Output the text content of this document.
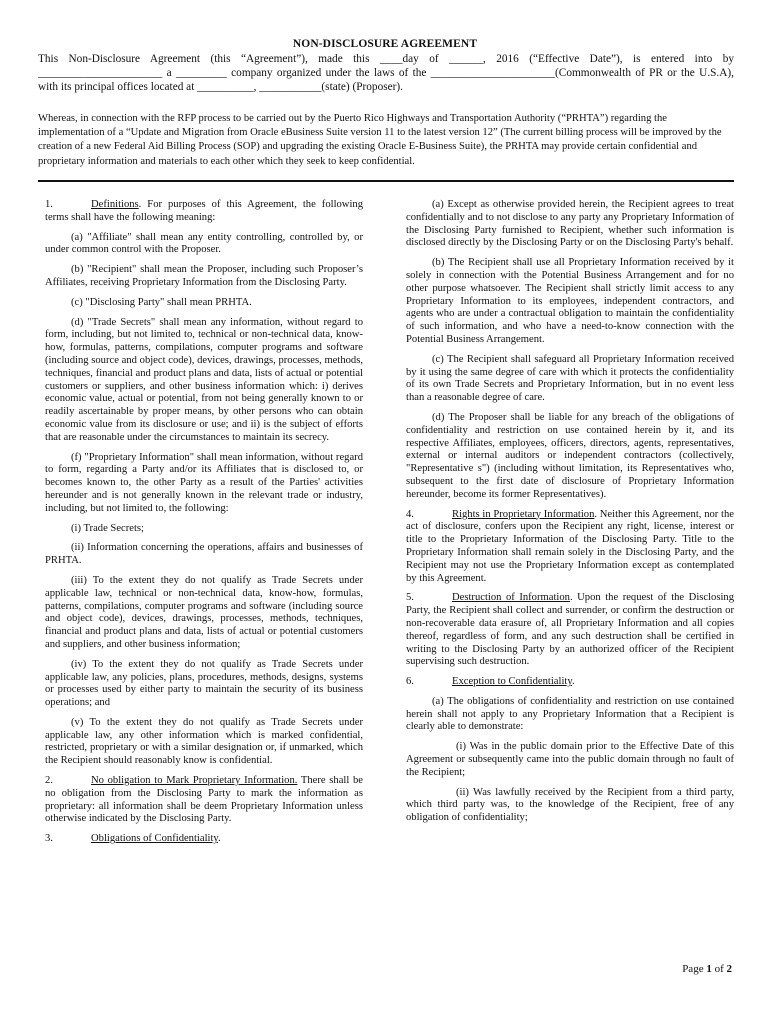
NON-DISCLOSURE AGREEMENT

This Non-Disclosure Agreement (this “Agreement”), made this ____day of ______, 2016 (“Effective Date”), is entered into by ______________________ a _________ company organized under the laws of the ______________________(Commonwealth of PR or the U.S.A), with its principal offices located at __________, ___________(state) (Proposer).

Whereas, in connection with the RFP process to be carried out by the Puerto Rico Highways and Transportation Authority (“PRHTA”) regarding the implementation of a “Update and Migration from Oracle eBusiness Suite version 11 to the latest version 12” (The current billing process will be improved by the creation of a new Federal Aid Billing Process (SOP) and upgrading the existing Oracle E-Business Suite), the PRHTA may provide certain confidential and proprietary information and materials to each other which they seek to keep confidential.

1.	Definitions. For purposes of this Agreement, the following terms shall have the following meaning:

(a) "Affiliate" shall mean any entity controlling, controlled by, or under common control with the Proposer.

(b) "Recipient" shall mean the Proposer, including such Proposer’s Affiliates, receiving Proprietary Information from the Disclosing Party.

(c) "Disclosing Party" shall mean PRHTA.

(d) "Trade Secrets" shall mean any information, without regard to form, including, but not limited to, technical or non-technical data, know-how, formulas, patterns, compilations, computer programs and software (including source and object code), devices, drawings, processes, methods, techniques, financial and product plans and data, lists of actual or potential customers or suppliers, and other business information which: i) derives economic value, actual or potential, from not being generally known to or readily ascertainable by proper means, by other persons who can obtain economic value from its disclosure or use; and ii) is the subject of efforts that are reasonable under the circumstances to maintain its secrecy.

(f) "Proprietary Information" shall mean information, without regard to form, regarding a Party and/or its Affiliates that is disclosed to, or becomes known to, the other Party as a result of the Parties' activities hereunder and is not generally known in the relevant trade or industry, including, but not limited to, the following:

(i) Trade Secrets;

(ii) Information concerning the operations, affairs and businesses of PRHTA.

(iii) To the extent they do not qualify as Trade Secrets under applicable law, technical or non-technical data, know-how, formulas, patterns, compilations, computer programs and software (including source and object code), devices, drawings, processes, methods, techniques, financial and product plans and data, lists of actual or potential customers and suppliers, and other business information;

(iv) To the extent they do not qualify as Trade Secrets under applicable law, any policies, plans, procedures, methods, designs, systems or processes used by either party to maintain the security of its business operations; and

(v) To the extent they do not qualify as Trade Secrets under applicable law, any other information which is marked confidential, restricted, proprietary or with a similar designation or, if unmarked, which the Recipient should reasonably know is confidential.

2.	No obligation to Mark Proprietary Information. There shall be no obligation from the Disclosing Party to mark the information as proprietary: all information shall be deem Proprietary Information unless otherwise indicated by the Disclosing Party.

3.	Obligations of Confidentiality.

(a) Except as otherwise provided herein, the Recipient agrees to treat confidentially and to not disclose to any party any Proprietary Information of the Disclosing Party furnished to Recipient, whether such information is disclosed directly by the Disclosing Party or on the Disclosing Party's behalf.

(b) The Recipient shall use all Proprietary Information received by it solely in connection with the Potential Business Arrangement and for no other purpose whatsoever. The Recipient shall strictly limit access to any Proprietary Information to its employees, independent contractors, and agents who are under a contractual obligation to maintain the confidentiality of such information, and who have a need-to-know connection with the Potential Business Arrangement.

(c) The Recipient shall safeguard all Proprietary Information received by it using the same degree of care with which it protects the confidentiality of its own Trade Secrets and Proprietary Information, but in no event less than a reasonable degree of care.

(d) The Proposer shall be liable for any breach of the obligations of confidentiality and restriction on use contained herein by it, and its respective Affiliates, employees, officers, directors, agents, representatives, external or internal auditors or independent contractors (collectively, "Representative s") (including without limitation, its Representatives who, subsequent to the first date of disclosure of Proprietary Information hereunder, become its former Representatives).

4.	Rights in Proprietary Information. Neither this Agreement, nor the act of disclosure, confers upon the Recipient any right, license, interest or title to the Proprietary Information of the Disclosing Party. Title to the Proprietary Information shall remain solely in the Disclosing Party, and the Recipient may not use the Proprietary Information except as contemplated by this Agreement.

5.	Destruction of Information. Upon the request of the Disclosing Party, the Recipient shall collect and surrender, or confirm the destruction or non-recoverable data erasure of, all Proprietary Information and all copies thereof, regardless of form, and any such destruction shall be certified in writing to the Disclosing Party by an authorized officer of the Recipient supervising such destruction.

6.	Exception to Confidentiality.

(a) The obligations of confidentiality and restriction on use contained herein shall not apply to any Proprietary Information that a Recipient is clearly able to demonstrate:

(i) Was in the public domain prior to the Effective Date of this Agreement or subsequently came into the public domain through no fault of the Recipient;

(ii) Was lawfully received by the Recipient from a third party, which third party was, to the knowledge of the Recipient, free of any obligation of confidentiality;

Page 1 of 2
